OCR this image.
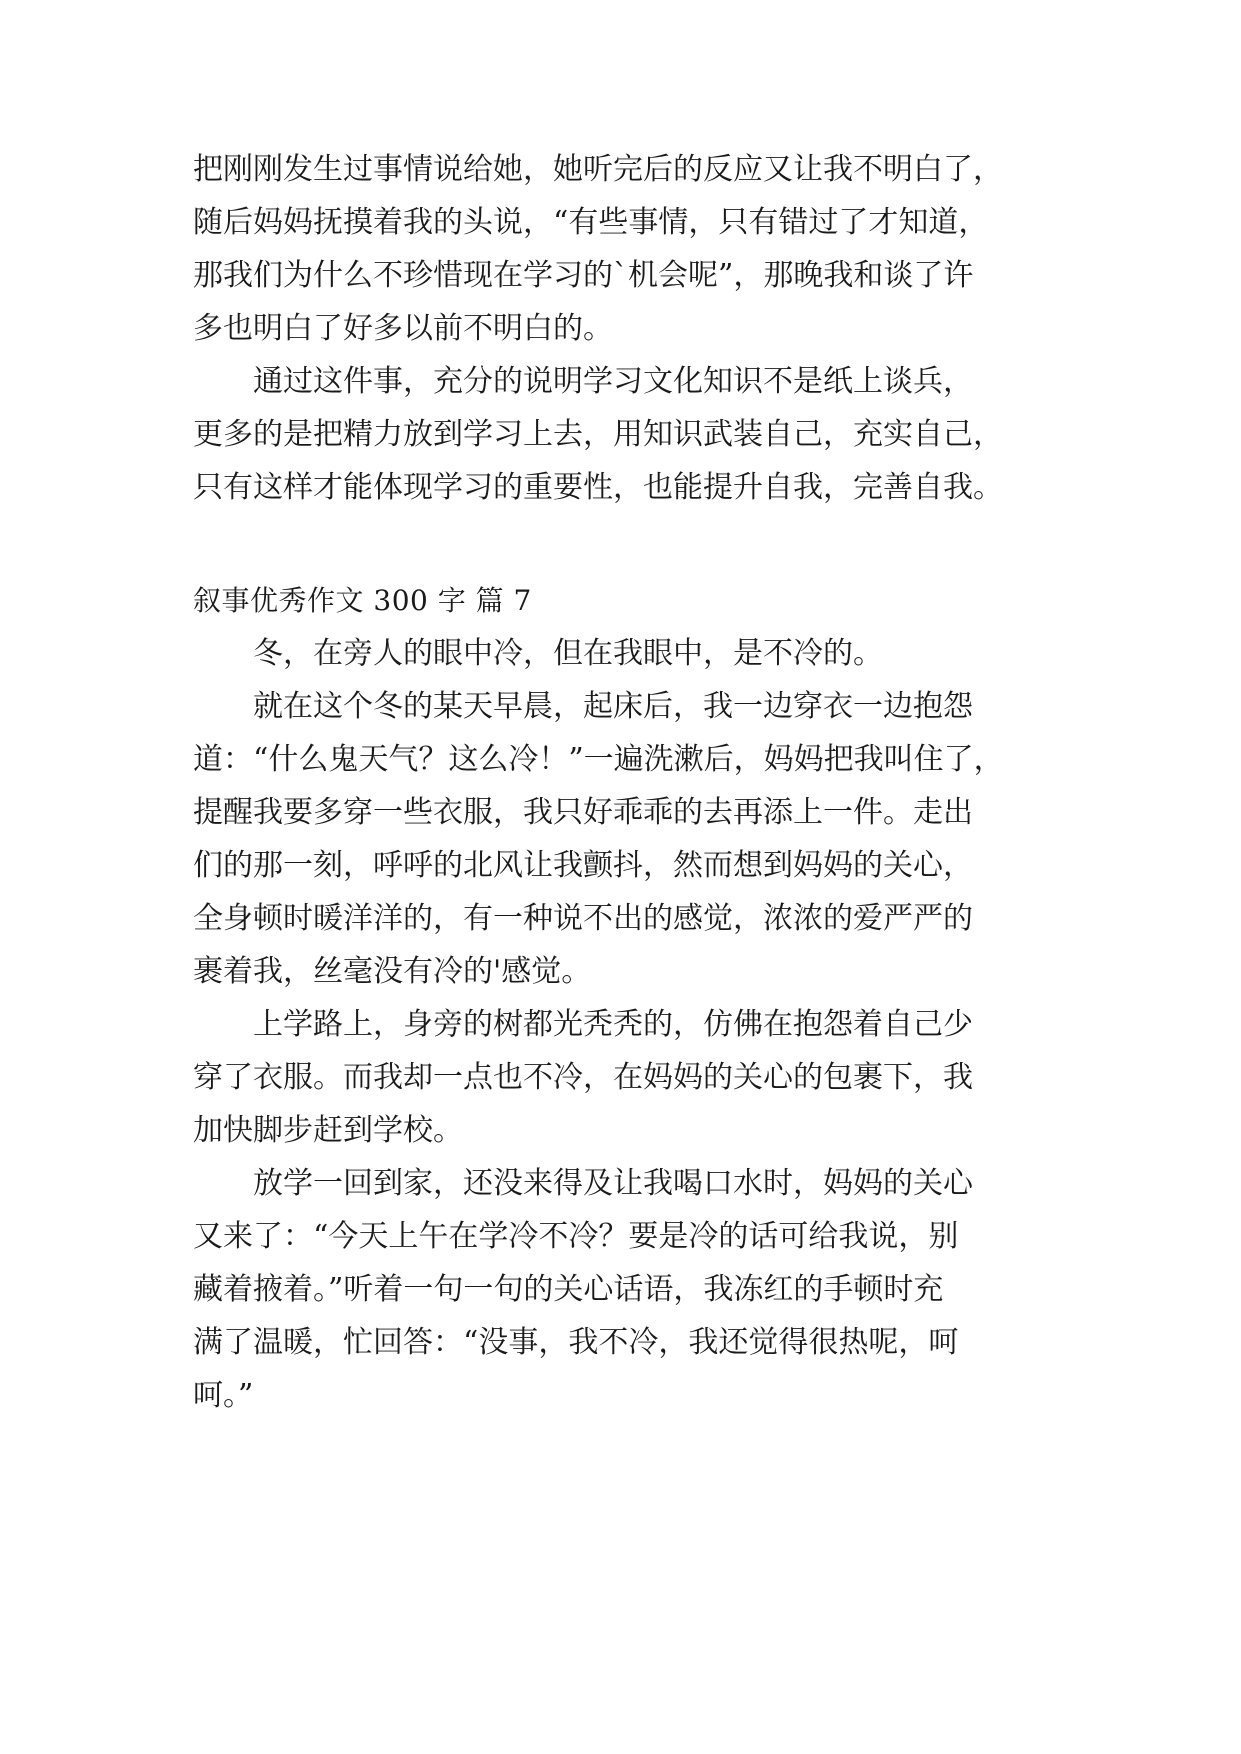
把刚刚发生过事情说给她，她听完后的反应又让我不明白了，
随后妈妈抚摸着我的头说，“有些事情，只有错过了才知道，
那我们为什么不珍惜现在学习的`机会呢”，那晚我和谈了许
多也明白了好多以前不明白的。
　　通过这件事，充分的说明学习文化知识不是纸上谈兵，
更多的是把精力放到学习上去，用知识武装自己，充实自己，
只有这样才能体现学习的重要性，也能提升自我，完善自我。
叙事优秀作文 300 字 篇 7
　　冬，在旁人的眼中冷，但在我眼中，是不冷的。
　　就在这个冬的某天早晨，起床后，我一边穿衣一边抱怨
道：“什么鬼天气？这么冷！”一遍洗漱后，妈妈把我叫住了，
提醒我要多穿一些衣服，我只好乖乖的去再添上一件。走出
们的那一刻，呼呼的北风让我颤抖，然而想到妈妈的关心，
全身顿时暖洋洋的，有一种说不出的感觉，浓浓的爱严严的
裹着我，丝毫没有冷的'感觉。
　　上学路上，身旁的树都光秃秃的，仿佛在抱怨着自己少
穿了衣服。而我却一点也不冷，在妈妈的关心的包裹下，我
加快脚步赶到学校。
　　放学一回到家，还没来得及让我喝口水时，妈妈的关心
又来了：“今天上午在学冷不冷？要是冷的话可给我说，别
藏着掖着。”听着一句一句的关心话语，我冻红的手顿时充
满了温暖，忙回答：“没事，我不冷，我还觉得很热呢，呵
呵。”
